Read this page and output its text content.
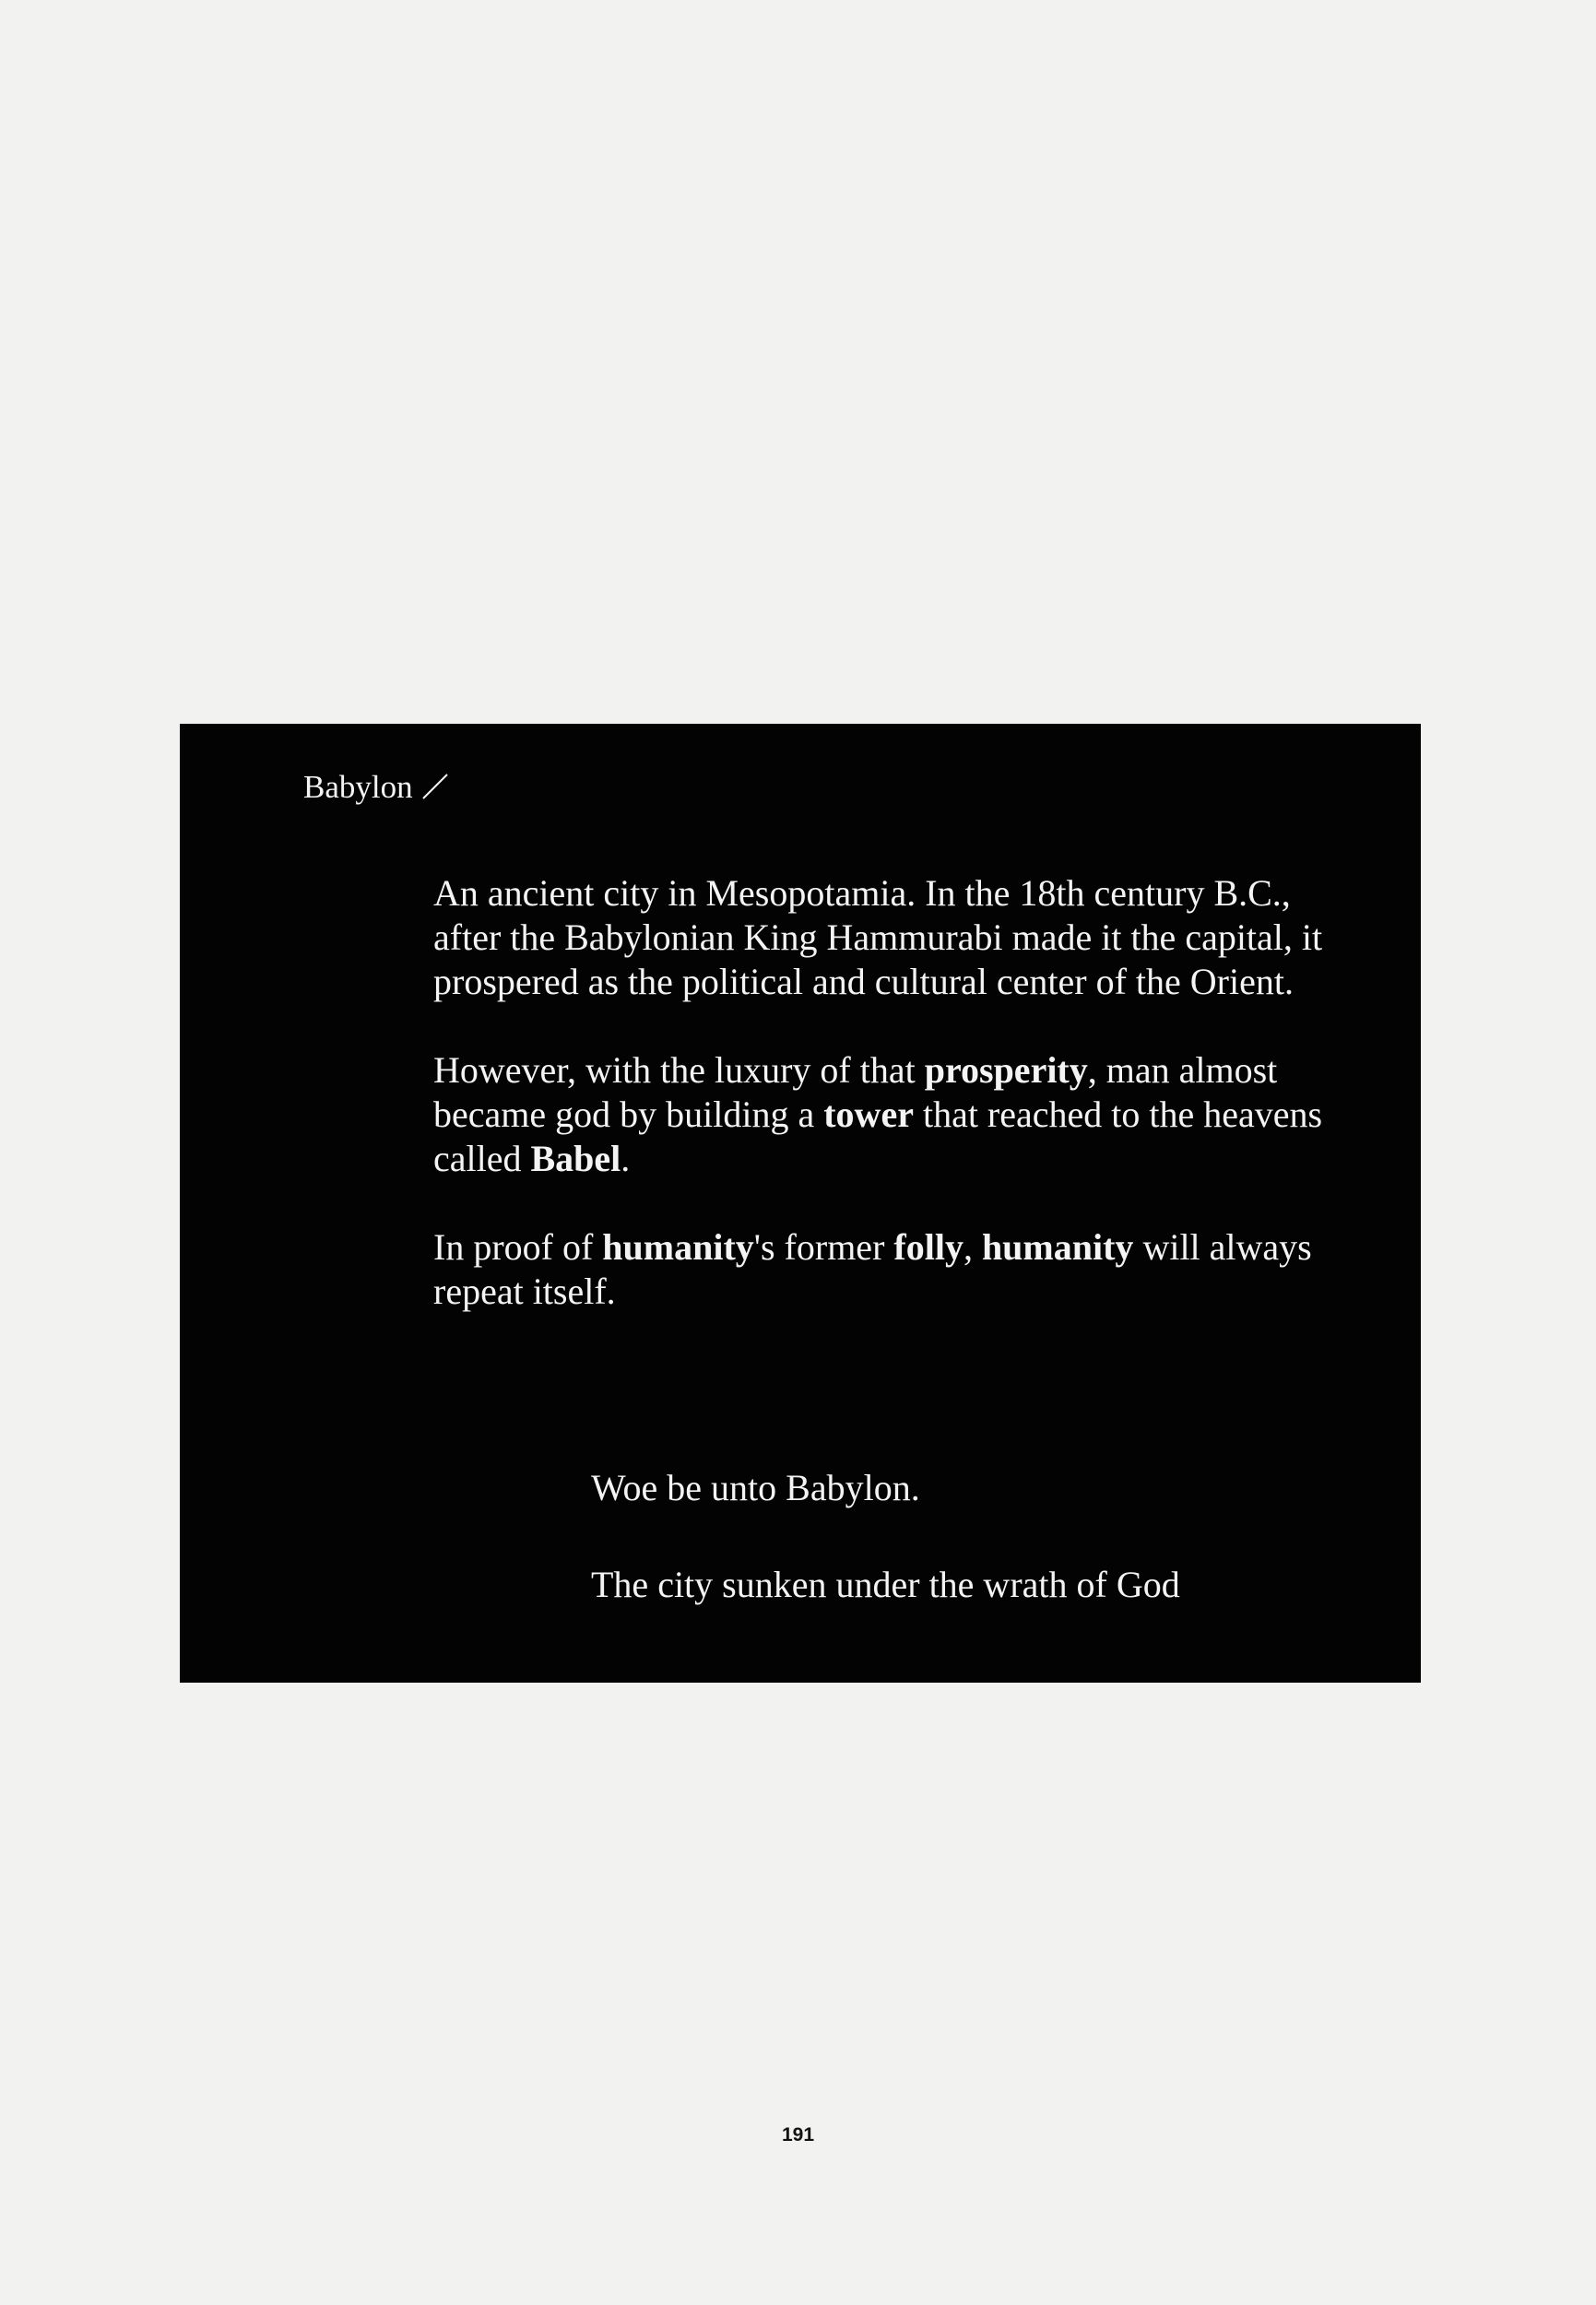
Babylon

An ancient city in Mesopotamia. In the 18th century B.C., after the Babylonian King Hammurabi made it the capital, it prospered as the political and cultural center of the Orient.

However, with the luxury of that prosperity, man almost became god by building a tower that reached to the heavens called Babel.

In proof of humanity's former folly, humanity will always repeat itself.

Woe be unto Babylon.

The city sunken under the wrath of God

191
